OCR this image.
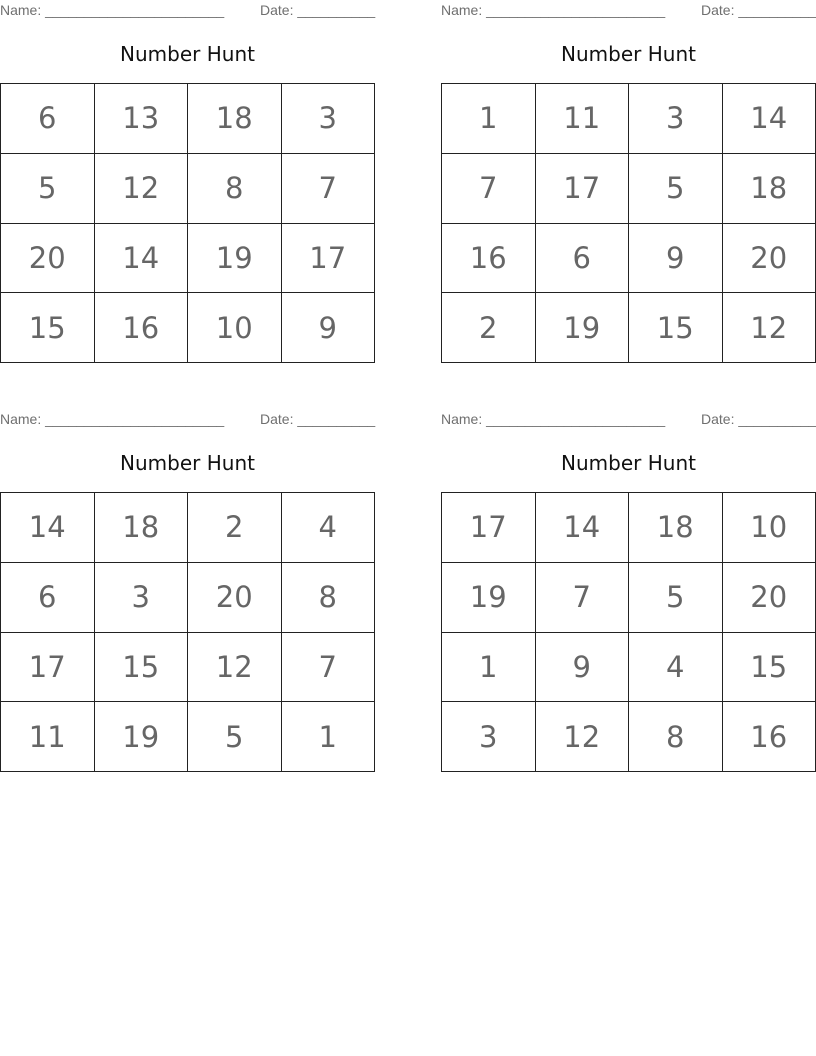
Name: _______________________	Date: __________
Number Hunt
6	13	18	3
5	12	8	7
20	14	19	17
15	16	10	9
Name: _______________________	Date: __________
Number Hunt
1	11	3	14
7	17	5	18
16	6	9	20
2	19	15	12
Name: _______________________	Date: __________
Number Hunt
14	18	2	4
6	3	20	8
17	15	12	7
11	19	5	1
Name: _______________________	Date: __________
Number Hunt
17	14	18	10
19	7	5	20
1	9	4	15
3	12	8	16
